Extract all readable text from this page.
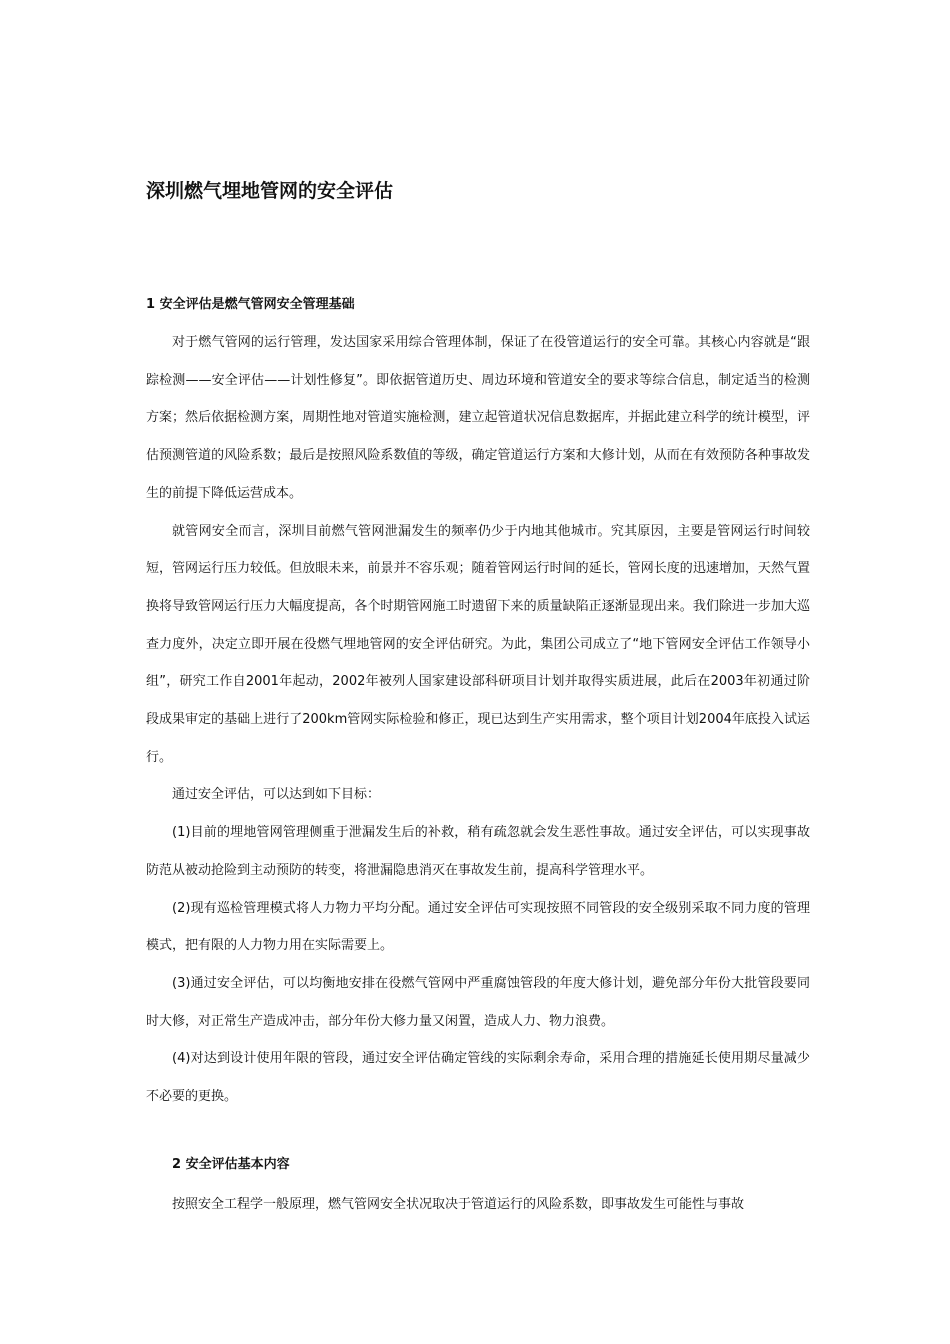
深圳燃气埋地管网的安全评估
1 安全评估是燃气管网安全管理基础

对于燃气管网的运行管理，发达国家采用综合管理体制，保证了在役管道运行的安全可靠。其核心内容就是“跟踪检测——安全评估——计划性修复”。即依据管道历史、周边环境和管道安全的要求等综合信息，制定适当的检测方案；然后依据检测方案，周期性地对管道实施检测，建立起管道状况信息数据库，并据此建立科学的统计模型，评估预测管道的风险系数；最后是按照风险系数值的等级，确定管道运行方案和大修计划，从而在有效预防各种事故发生的前提下降低运营成本。

就管网安全而言，深圳目前燃气管网泄漏发生的频率仍少于内地其他城市。究其原因，主要是管网运行时间较短，管网运行压力较低。但放眼未来，前景并不容乐观；随着管网运行时间的延长，管网长度的迅速增加，天然气置换将导致管网运行压力大幅度提高，各个时期管网施工时遗留下来的质量缺陷正逐渐显现出来。我们除进一步加大巡查力度外，决定立即开展在役燃气埋地管网的安全评估研究。为此，集团公司成立了“地下管网安全评估工作领导小组”，研究工作自2001年起动，2002年被列人国家建设部科研项目计划并取得实质进展，此后在2003年初通过阶段成果审定的基础上进行了200km管网实际检验和修正，现已达到生产实用需求，整个项目计划2004年底投入试运行。

通过安全评估，可以达到如下目标：

(1)目前的埋地管网管理侧重于泄漏发生后的补救，稍有疏忽就会发生恶性事故。通过安全评估，可以实现事故防范从被动抢险到主动预防的转变，将泄漏隐患消灭在事故发生前，提高科学管理水平。

(2)现有巡检管理模式将人力物力平均分配。通过安全评估可实现按照不同管段的安全级别采取不同力度的管理模式，把有限的人力物力用在实际需要上。

(3)通过安全评估，可以均衡地安排在役燃气管网中严重腐蚀管段的年度大修计划，避免部分年份大批管段要同时大修，对正常生产造成冲击，部分年份大修力量又闲置，造成人力、物力浪费。

(4)对达到设计使用年限的管段，通过安全评估确定管线的实际剩余寿命，采用合理的措施延长使用期尽量减少不必要的更换。

2 安全评估基本内容

按照安全工程学一般原理，燃气管网安全状况取决于管道运行的风险系数，即事故发生可能性与事故
